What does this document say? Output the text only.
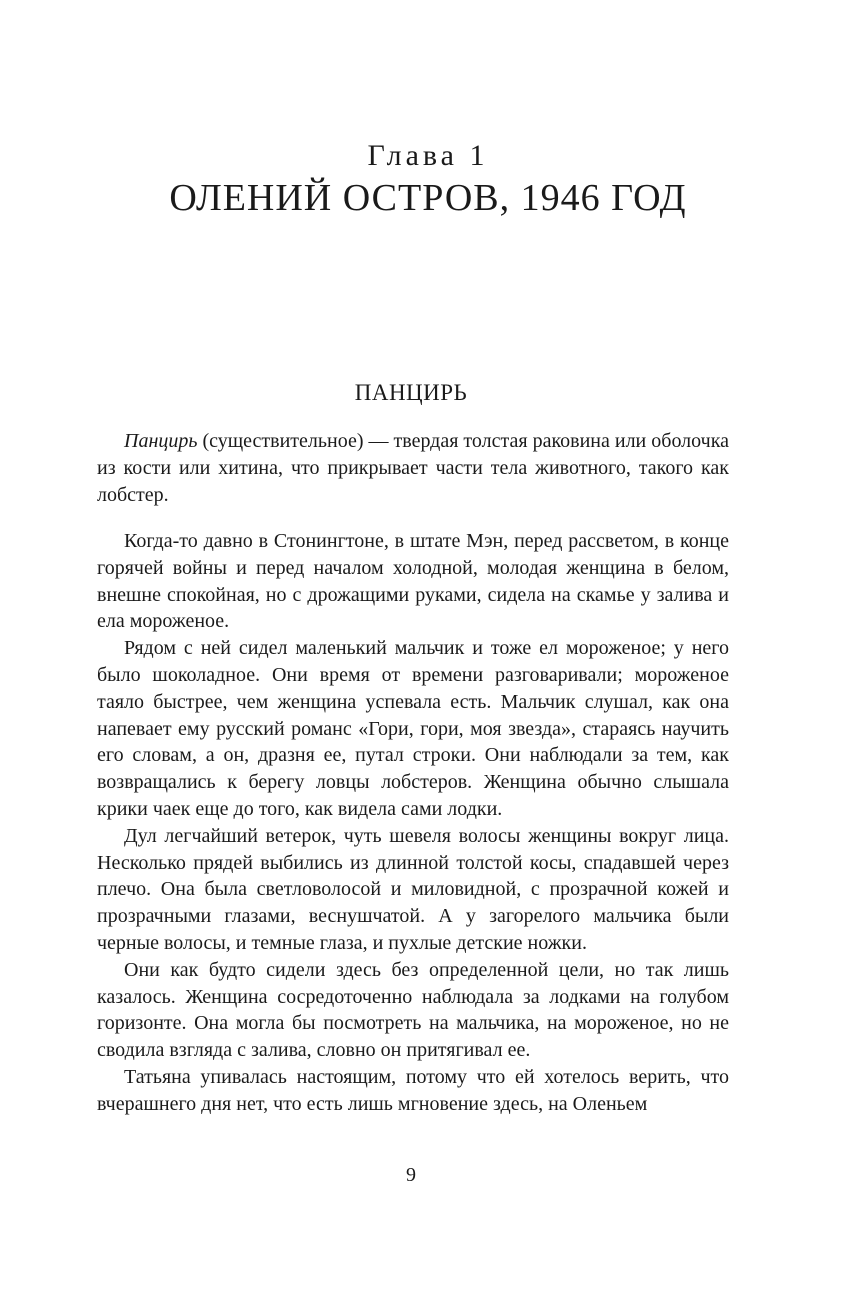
Глава 1
ОЛЕНИЙ ОСТРОВ, 1946 ГОД
ПАНЦИРЬ

Панцирь (существительное) — твердая толстая раковина или оболочка из кости или хитина, что прикрывает части тела животного, такого как лобстер.

Когда-то давно в Стонингтоне, в штате Мэн, перед рассветом, в конце горячей войны и перед началом холодной, молодая женщина в белом, внешне спокойная, но с дрожащими руками, сидела на скамье у залива и ела мороженое.

Рядом с ней сидел маленький мальчик и тоже ел мороженое; у него было шоколадное. Они время от времени разговаривали; мороженое таяло быстрее, чем женщина успевала есть. Мальчик слушал, как она напевает ему русский романс «Гори, гори, моя звезда», стараясь научить его словам, а он, дразня ее, путал строки. Они наблюдали за тем, как возвращались к берегу ловцы лобстеров. Женщина обычно слышала крики чаек еще до того, как видела сами лодки.

Дул легчайший ветерок, чуть шевеля волосы женщины вокруг лица. Несколько прядей выбились из длинной толстой косы, спадавшей через плечо. Она была светловолосой и миловидной, с прозрачной кожей и прозрачными глазами, веснушчатой. А у загорелого мальчика были черные волосы, и темные глаза, и пухлые детские ножки.

Они как будто сидели здесь без определенной цели, но так лишь казалось. Женщина сосредоточенно наблюдала за лодками на голубом горизонте. Она могла бы посмотреть на мальчика, на мороженое, но не сводила взгляда с залива, словно он притягивал ее.

Татьяна упивалась настоящим, потому что ей хотелось верить, что вчерашнего дня нет, что есть лишь мгновение здесь, на Оленьем

9
